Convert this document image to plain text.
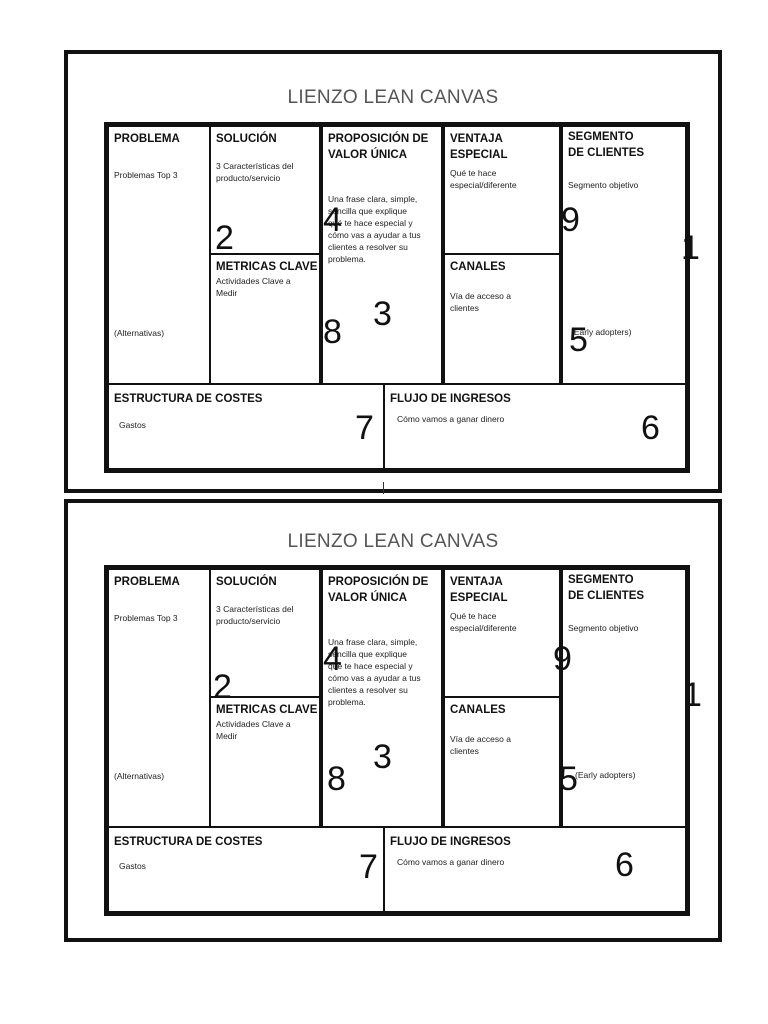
LIENZO LEAN CANVAS
PROBLEMA
Problemas Top 3
(Alternativas)
SOLUCIÓN
3 Características del
producto/servicio
2
METRICAS CLAVE
Actividades Clave a
Medir
8
PROPOSICIÓN DE
VALOR ÚNICA
Una frase clara, simple,
sencilla que explique
qué te hace especial y
cómo vas a ayudar a tus
clientes a resolver su
problema.
4
3
VENTAJA ESPECIAL
Qué te hace
especial/diferente
CANALES
Vía de acceso a
clientes
SEGMENTO
DE CLIENTES
Segmento objetivo
(Early adopters)
9
5
1
ESTRUCTURA DE COSTES
Gastos	7
FLUJO DE INGRESOS
Cómo vamos a ganar dinero	6
LIENZO LEAN CANVAS
PROBLEMA
Problemas Top 3
(Alternativas)
SOLUCIÓN
3 Características del
producto/servicio
2
METRICAS CLAVE
Actividades Clave a
Medir
8
PROPOSICIÓN DE
VALOR ÚNICA
Una frase clara, simple,
sencilla que explique
qué te hace especial y
cómo vas a ayudar a tus
clientes a resolver su
problema.
4
3
VENTAJA ESPECIAL
Qué te hace
especial/diferente
CANALES
Vía de acceso a
clientes
SEGMENTO
DE CLIENTES
Segmento objetivo
(Early adopters)
9
5
1
ESTRUCTURA DE COSTES
Gastos	7
FLUJO DE INGRESOS
Cómo vamos a ganar dinero	6
